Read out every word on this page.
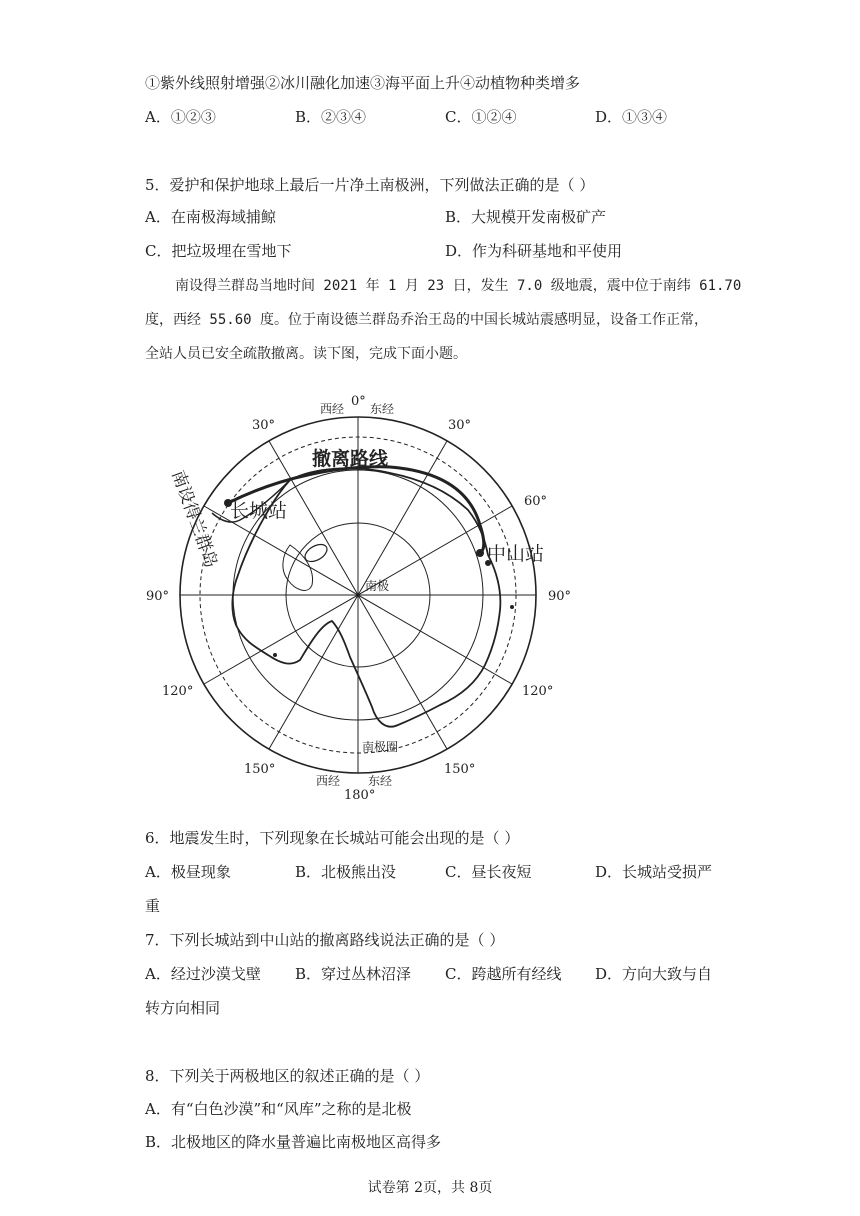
①紫外线照射增强②冰川融化加速③海平面上升④动植物种类增多
A．①②③	B．②③④	C．①②④	D．①③④
5．爱护和保护地球上最后一片净土南极洲，下列做法正确的是（ ）
A．在南极海域捕鲸	B．大规模开发南极矿产
C．把垃圾埋在雪地下	D．作为科研基地和平使用
南设得兰群岛当地时间 2021 年 1 月 23 日，发生 7.0 级地震，震中位于南纬 61.70
度，西经 55.60 度。位于南设德兰群岛乔治王岛的中国长城站震感明显，设备工作正常，
全站人员已安全疏散撤离。读下图，完成下面小题。
0°
西经 东经
30°	30°
撤离路线
60°
长城站
中山站
南设得兰群岛
90°	90°
南极
120°	120°
南极圈
150°	150°
西经 东经
180°
6．地震发生时，下列现象在长城站可能会出现的是（ ）
A．极昼现象	B．北极熊出没	C．昼长夜短	D．长城站受损严
重
7．下列长城站到中山站的撤离路线说法正确的是（ ）
A．经过沙漠戈壁 B．穿过丛林沼泽 C．跨越所有经线 D．方向大致与自
转方向相同
8．下列关于两极地区的叙述正确的是（ ）
A．有“白色沙漠”和“风库”之称的是北极
B．北极地区的降水量普遍比南极地区高得多
试卷第 2页，共 8页
